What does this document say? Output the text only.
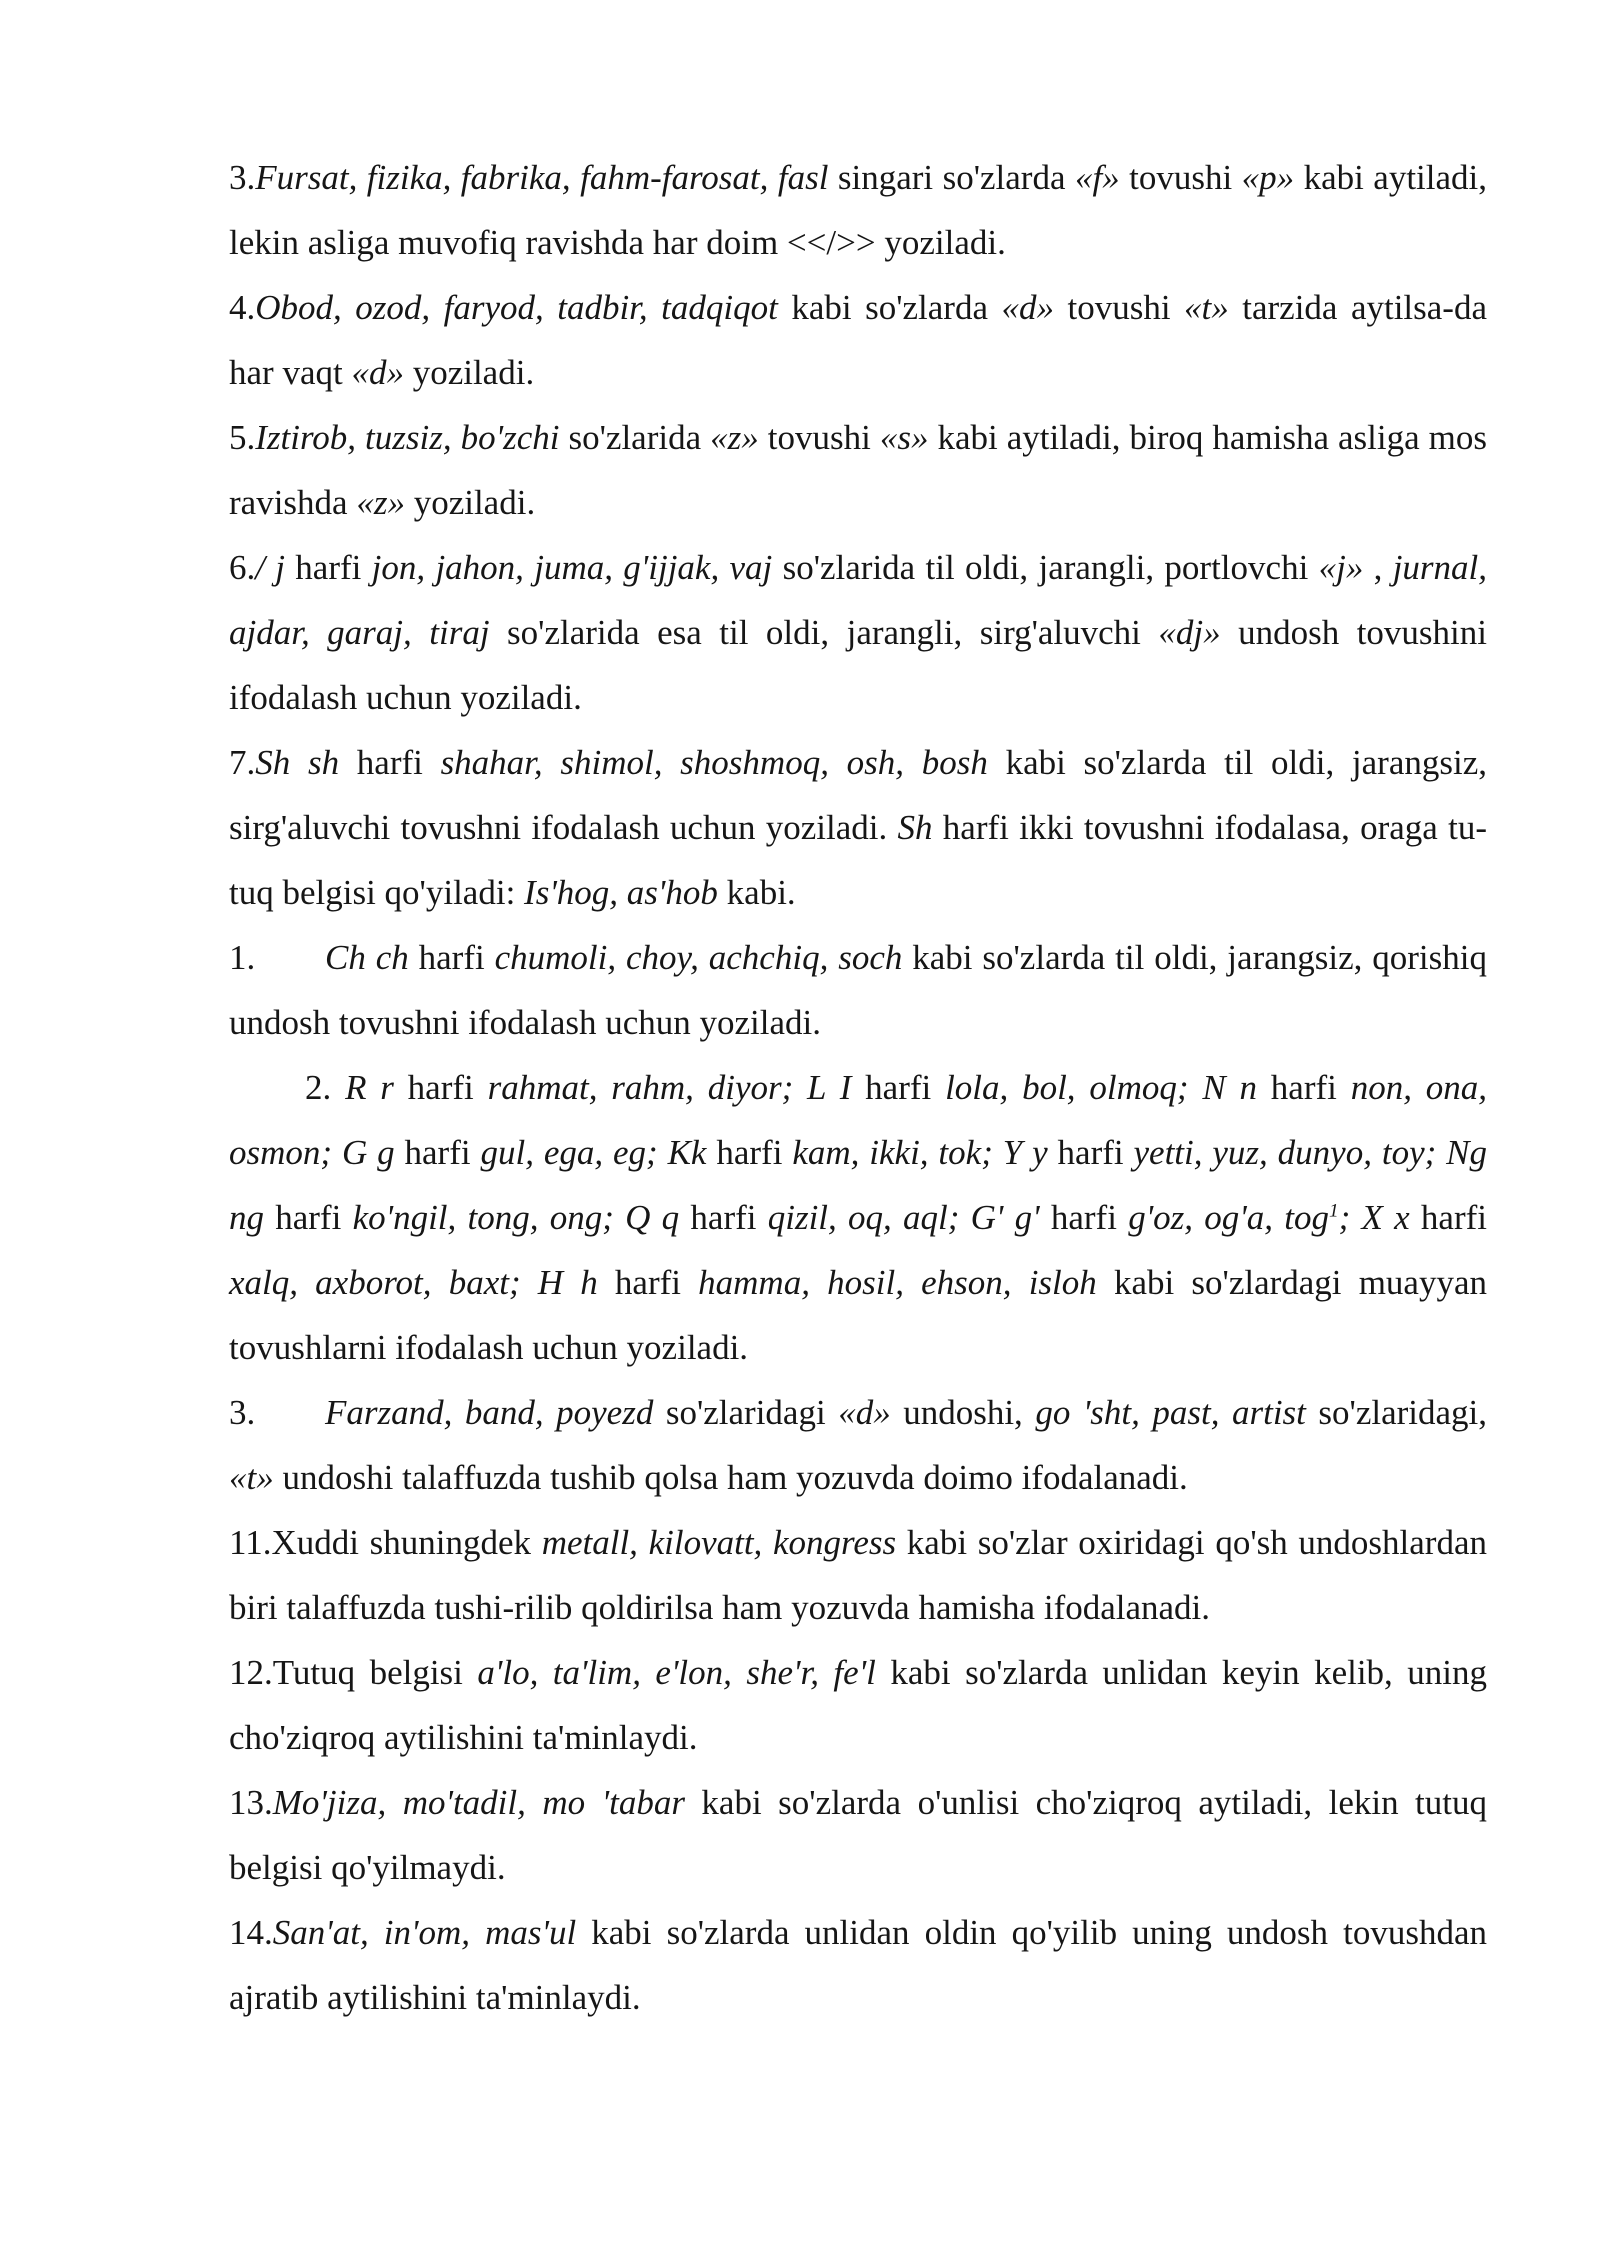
3.Fursat, fizika, fabrika, fahm-farosat, fasl singari so'zlarda «f» tovushi «p» kabi aytiladi, lekin asliga muvofiq ravishda har doim <</>> yoziladi.

4.Obod, ozod, faryod, tadbir, tadqiqot kabi so'zlarda «d» tovushi «t» tarzida aytilsa-da har vaqt «d» yoziladi.

5.Iztirob, tuzsiz, bo'zchi so'zlarida «z» tovushi «s» kabi aytiladi, biroq hamisha asliga mos ravishda «z» yoziladi.

6./ j harfi jon, jahon, juma, g'ijjak, vaj so'zlarida til oldi, jarangli, portlovchi «j» , jurnal, ajdar, garaj, tiraj so'zlarida esa til oldi, jarangli, sirg'aluvchi «dj» undosh tovushini ifodalash uchun yoziladi.

7.Sh sh harfi shahar, shimol, shoshmoq, osh, bosh kabi so'zlarda til oldi, jarangsiz, sirg'aluvchi tovushni ifodalash uchun yoziladi. Sh harfi ikki tovushni ifodalasa, oraga tu-tuq belgisi qo'yiladi: Is'hog, as'hob kabi.

1. Ch ch harfi chumoli, choy, achchiq, soch kabi so'zlarda til oldi, jarangsiz, qorishiq undosh tovushni ifodalash uchun yoziladi.

2. R r harfi rahmat, rahm, diyor; L I harfi lola, bol, olmoq; N n harfi non, ona, osmon; G g harfi gul, ega, eg; Kk harfi kam, ikki, tok; Y y harfi yetti, yuz, dunyo, toy; Ng ng harfi ko'ngil, tong, ong; Q q harfi qizil, oq, aql; G' g' harfi g'oz, og'a, tog$^1$; X x harfi xalq, axborot, baxt; H h harfi hamma, hosil, ehson, isloh kabi so'zlardagi muayyan tovushlarni ifodalash uchun yoziladi.

3. Farzand, band, poyezd so'zlaridagi «d» undoshi, go 'sht, past, artist so'zlaridagi, «t» undoshi talaffuzda tushib qolsa ham yozuvda doimo ifodalanadi.

11.Xuddi shuningdek metall, kilovatt, kongress kabi so'zlar oxiridagi qo'sh undoshlardan biri talaffuzda tushi-rilib qoldirilsa ham yozuvda hamisha ifodalanadi.

12.Tutuq belgisi a'lo, ta'lim, e'lon, she'r, fe'l kabi so'zlarda unlidan keyin kelib, uning cho'ziqroq aytilishini ta'minlaydi.

13.Mo'jiza, mo'tadil, mo 'tabar kabi so'zlarda o'unlisi cho'ziqroq aytiladi, lekin tutuq belgisi qo'yilmaydi.

14.San'at, in'om, mas'ul kabi so'zlarda unlidan oldin qo'yilib uning undosh tovushdan ajratib aytilishini ta'minlaydi.
